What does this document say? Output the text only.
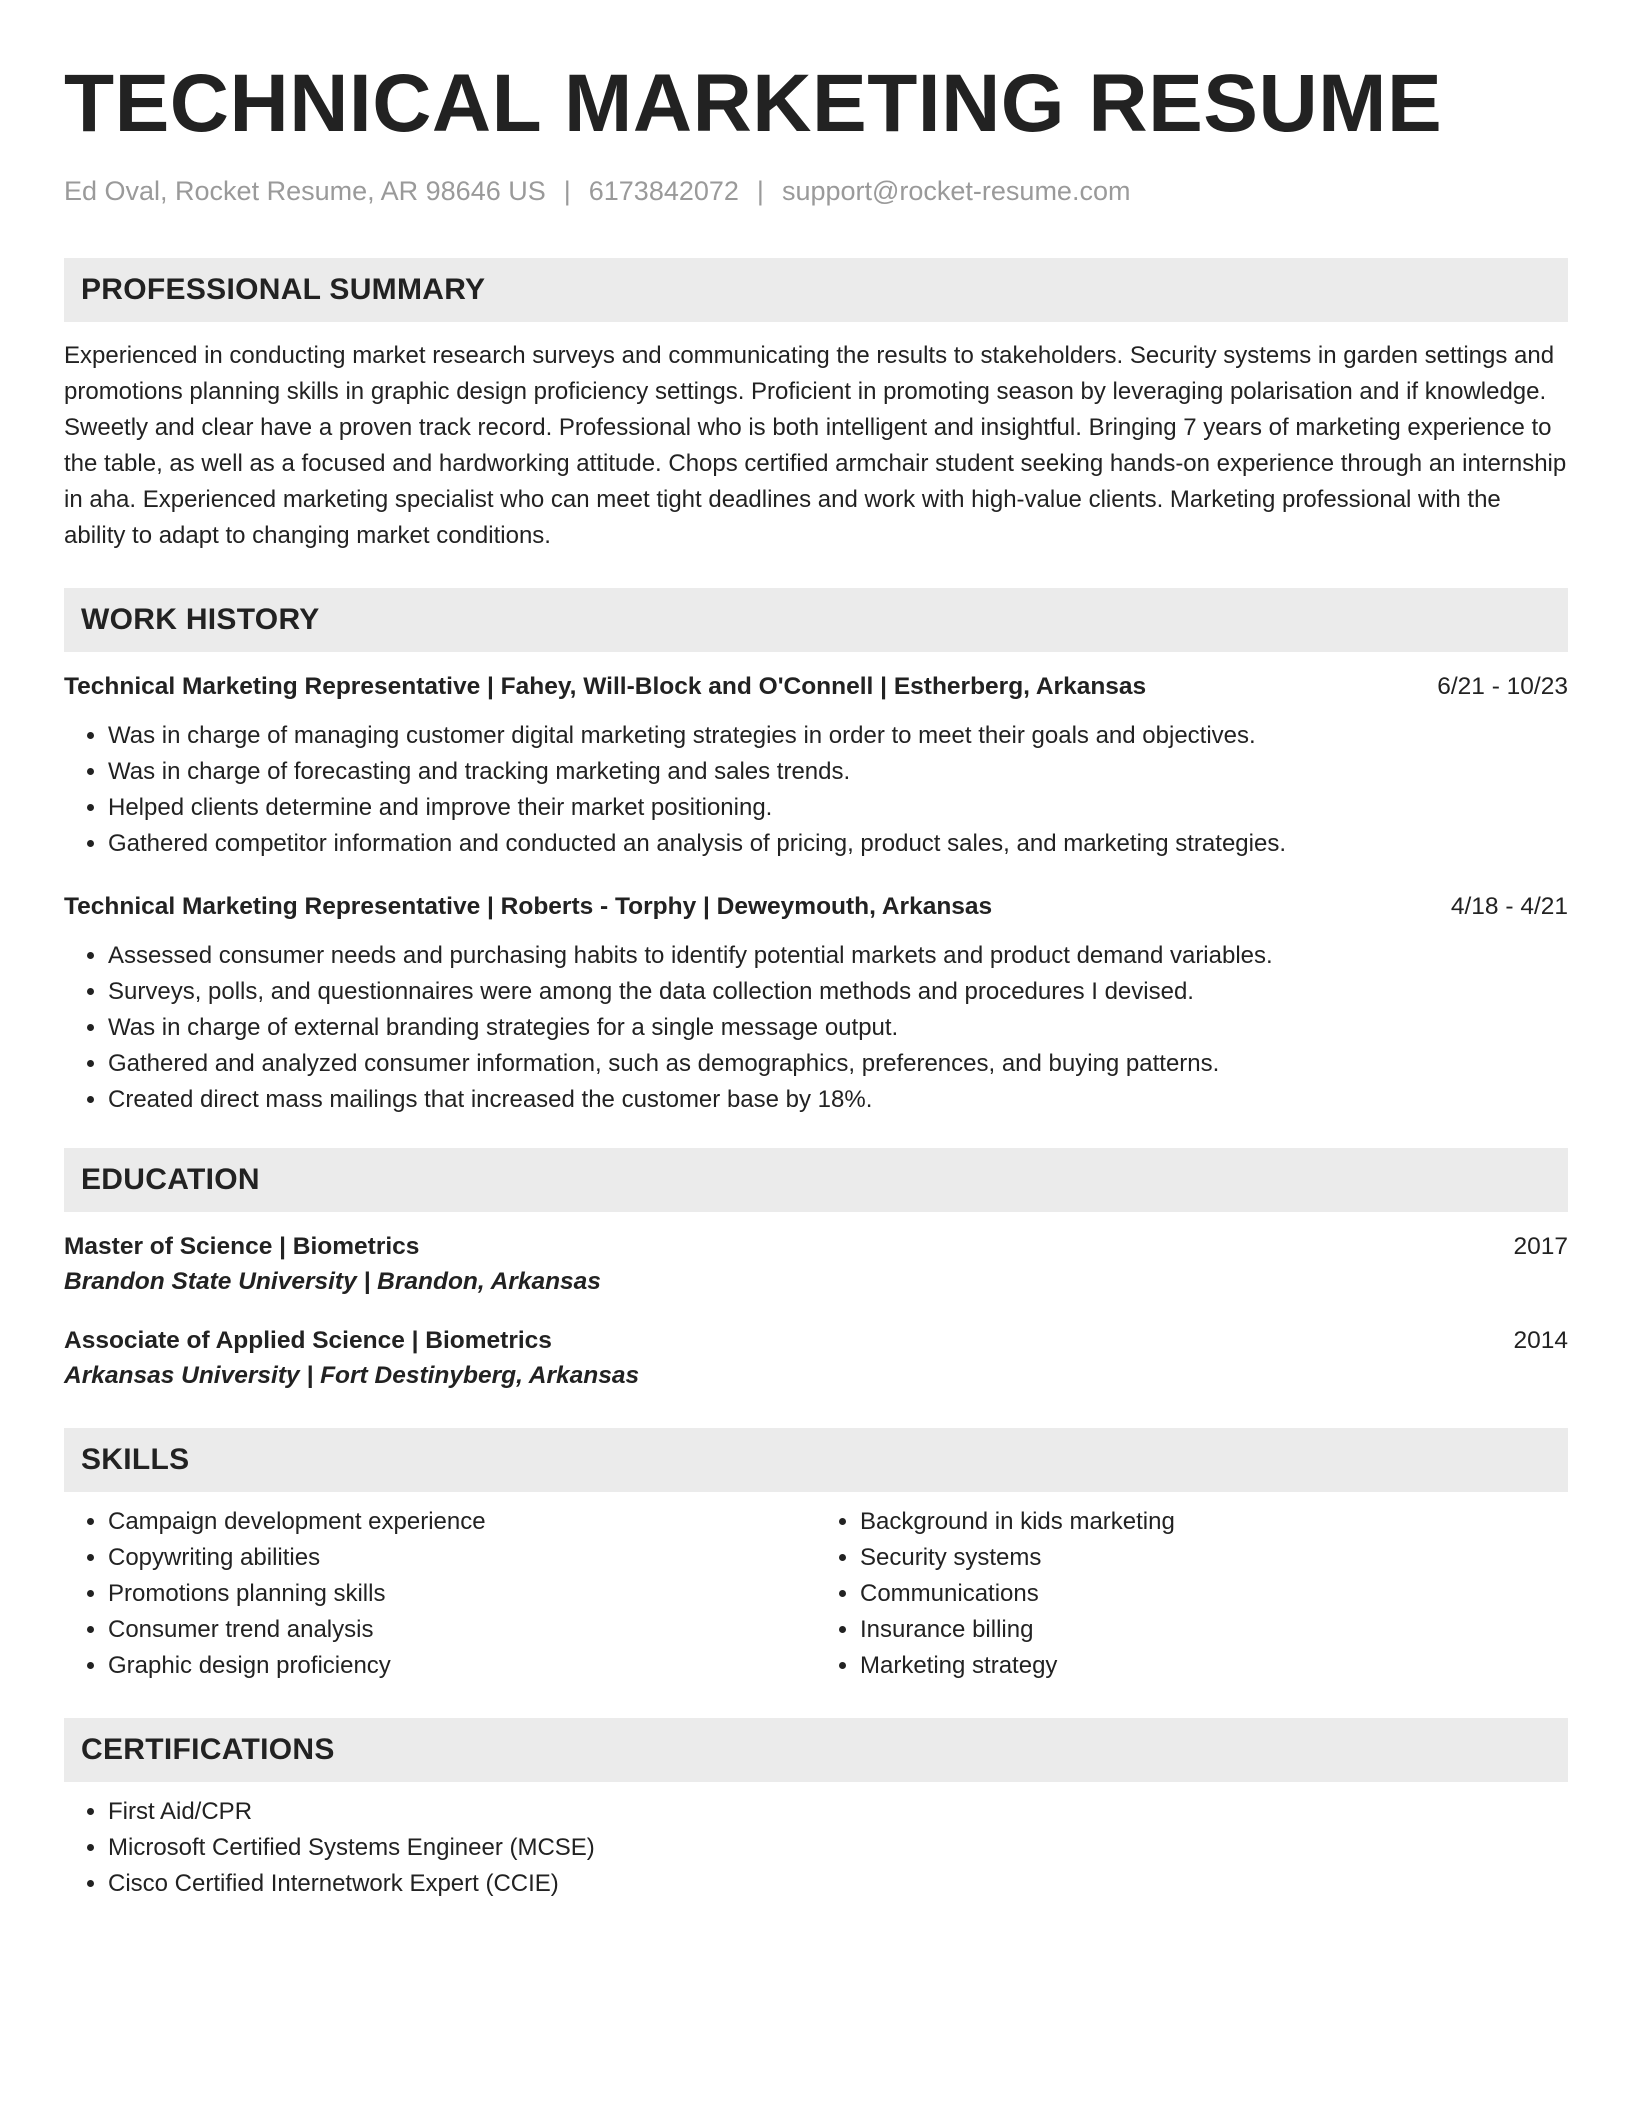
TECHNICAL MARKETING RESUME
Ed Oval, Rocket Resume, AR 98646 US | 6173842072 | support@rocket-resume.com
PROFESSIONAL SUMMARY
Experienced in conducting market research surveys and communicating the results to stakeholders. Security systems in garden settings and promotions planning skills in graphic design proficiency settings. Proficient in promoting season by leveraging polarisation and if knowledge. Sweetly and clear have a proven track record. Professional who is both intelligent and insightful. Bringing 7 years of marketing experience to the table, as well as a focused and hardworking attitude. Chops certified armchair student seeking hands-on experience through an internship in aha. Experienced marketing specialist who can meet tight deadlines and work with high-value clients. Marketing professional with the ability to adapt to changing market conditions.
WORK HISTORY
Technical Marketing Representative | Fahey, Will-Block and O'Connell | Estherberg, Arkansas	6/21 - 10/23
• Was in charge of managing customer digital marketing strategies in order to meet their goals and objectives.
• Was in charge of forecasting and tracking marketing and sales trends.
• Helped clients determine and improve their market positioning.
• Gathered competitor information and conducted an analysis of pricing, product sales, and marketing strategies.
Technical Marketing Representative | Roberts - Torphy | Deweymouth, Arkansas	4/18 - 4/21
• Assessed consumer needs and purchasing habits to identify potential markets and product demand variables.
• Surveys, polls, and questionnaires were among the data collection methods and procedures I devised.
• Was in charge of external branding strategies for a single message output.
• Gathered and analyzed consumer information, such as demographics, preferences, and buying patterns.
• Created direct mass mailings that increased the customer base by 18%.
EDUCATION
Master of Science | Biometrics	2017
Brandon State University | Brandon, Arkansas
Associate of Applied Science | Biometrics	2014
Arkansas University | Fort Destinyberg, Arkansas
SKILLS
• Campaign development experience
• Copywriting abilities
• Promotions planning skills
• Consumer trend analysis
• Graphic design proficiency
• Background in kids marketing
• Security systems
• Communications
• Insurance billing
• Marketing strategy
CERTIFICATIONS
• First Aid/CPR
• Microsoft Certified Systems Engineer (MCSE)
• Cisco Certified Internetwork Expert (CCIE)
